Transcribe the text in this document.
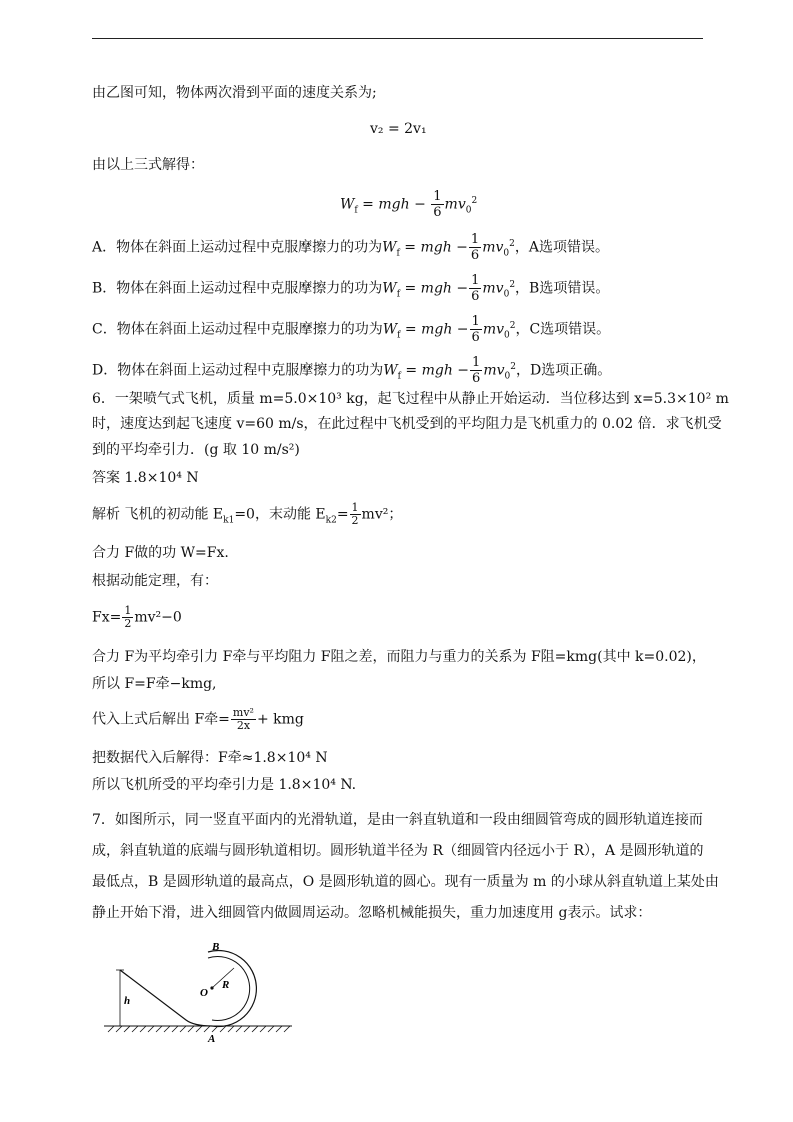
由乙图可知，物体两次滑到平面的速度关系为;
v₂ = 2v₁
由以上三式解得：
$W_f$ = mgh − $\frac{1}{6} mv_0^2$
A．物体在斜面上运动过程中克服摩擦力的功为$W_f$ = mgh − $\frac{1}{6} mv_0^2$，A选项错误。
B．物体在斜面上运动过程中克服摩擦力的功为$W_f$ = mgh − $\frac{1}{6} mv_0^2$，B选项错误。
C．物体在斜面上运动过程中克服摩擦力的功为$W_f$ = mgh − $\frac{1}{6} mv_0^2$，C选项错误。
D．物体在斜面上运动过程中克服摩擦力的功为$W_f$ = mgh − $\frac{1}{6} mv_0^2$，D选项正确。
6．一架喷气式飞机，质量 m=5.0×10³ kg，起飞过程中从静止开始运动．当位移达到 x=5.3×10² m
时，速度达到起飞速度 v=60 m/s，在此过程中飞机受到的平均阻力是飞机重力的 0.02 倍．求飞机受
到的平均牵引力．(g 取 10 m/s²)
答案 1.8×10⁴ N
解析 飞机的初动能 $E_{k1}=0$，末动能 $E_{k2}= \frac{1}{2} mv^2$；
合力 F做的功 W=Fx.
根据动能定理，有：
$Fx= \frac{1}{2} mv^2-0$
合力 F为平均牵引力 F牵与平均阻力 F阻之差，而阻力与重力的关系为 F阻=kmg(其中 k=0.02)，
所以 F=F牵−kmg,
代入上式后解出 F牵= $\frac{\text{mv²}}{2x}$ + kmg
把数据代入后解得：F牵≈1.8×10⁴ N
所以飞机所受的平均牵引力是 1.8×10⁴ N.
7．如图所示，同一竖直平面内的光滑轨道，是由一斜直轨道和一段由细圆管弯成的圆形轨道连接而
成，斜直轨道的底端与圆形轨道相切。圆形轨道半径为 R（细圆管内径远小于 R），A 是圆形轨道的
最低点，B 是圆形轨道的最高点，O 是圆形轨道的圆心。现有一质量为 m 的小球从斜直轨道上某处由
静止开始下滑，进入细圆管内做圆周运动。忽略机械能损失，重力加速度用 g表示。试求：
B
O
R
h
A
